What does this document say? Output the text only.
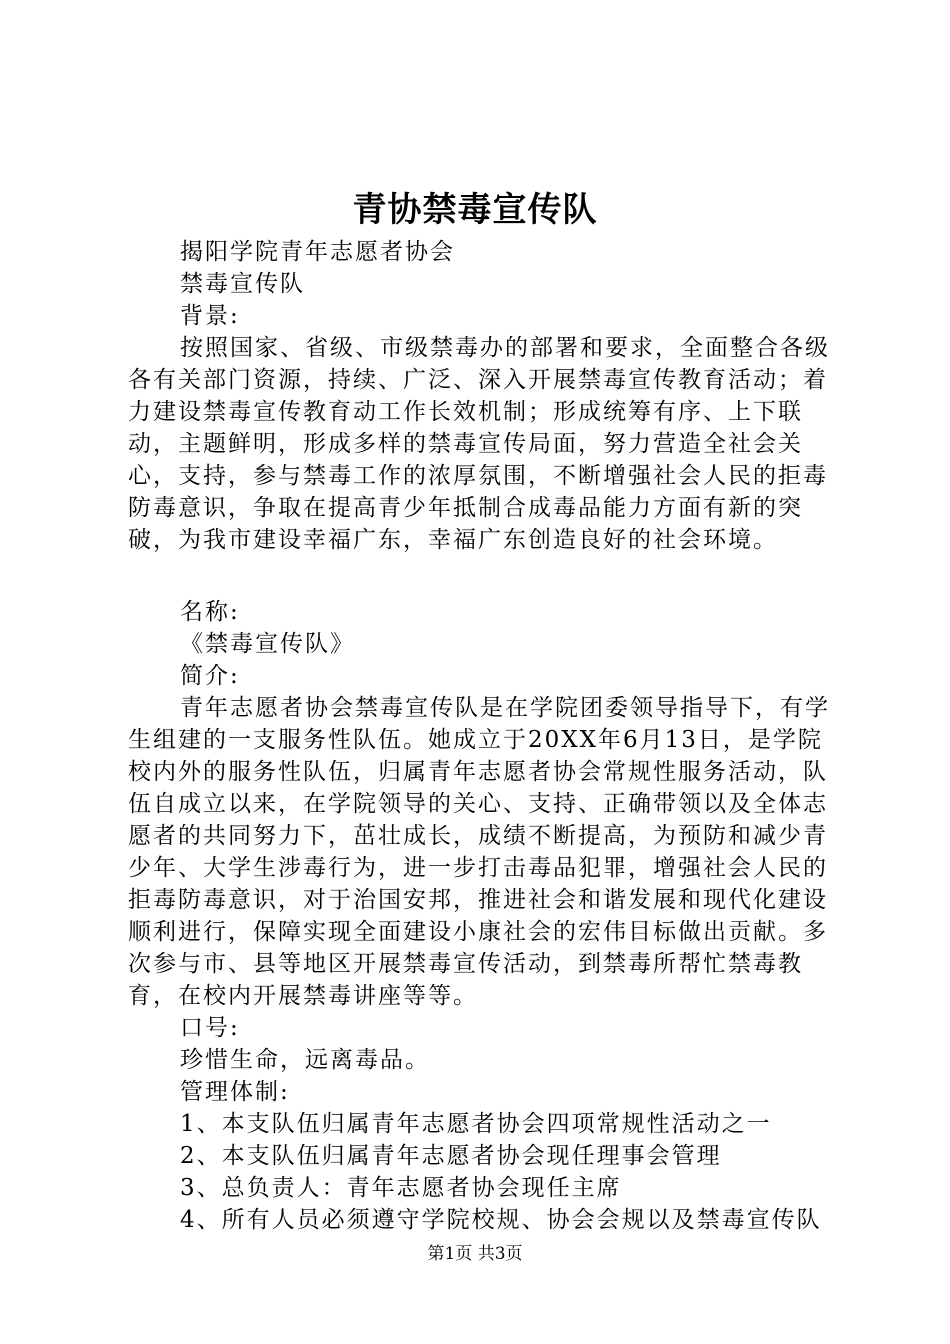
青协禁毒宣传队

揭阳学院青年志愿者协会

禁毒宣传队

背景:

按照国家、省级、市级禁毒办的部署和要求，全面整合各级各有关部门资源，持续、广泛、深入开展禁毒宣传教育活动；着力建设禁毒宣传教育动工作长效机制；形成统筹有序、上下联动，主题鲜明，形成多样的禁毒宣传局面，努力营造全社会关心，支持，参与禁毒工作的浓厚氛围，不断增强社会人民的拒毒防毒意识，争取在提高青少年抵制合成毒品能力方面有新的突破，为我市建设幸福广东，幸福广东创造良好的社会环境。

名称:

《禁毒宣传队》

简介:

青年志愿者协会禁毒宣传队是在学院团委领导指导下，有学生组建的一支服务性队伍。她成立于20XX年6月13日，是学院校内外的服务性队伍，归属青年志愿者协会常规性服务活动，队伍自成立以来，在学院领导的关心、支持、正确带领以及全体志愿者的共同努力下，茁壮成长，成绩不断提高，为预防和减少青少年、大学生涉毒行为，进一步打击毒品犯罪，增强社会人民的拒毒防毒意识，对于治国安邦，推进社会和谐发展和现代化建设顺利进行，保障实现全面建设小康社会的宏伟目标做出贡献。多次参与市、县等地区开展禁毒宣传活动，到禁毒所帮忙禁毒教育，在校内开展禁毒讲座等等。

口号:

珍惜生命，远离毒品。

管理体制:

1、本支队伍归属青年志愿者协会四项常规性活动之一

2、本支队伍归属青年志愿者协会现任理事会管理

3、总负责人：青年志愿者协会现任主席

4、所有人员必须遵守学院校规、协会会规以及禁毒宣传队

第1页 共3页
